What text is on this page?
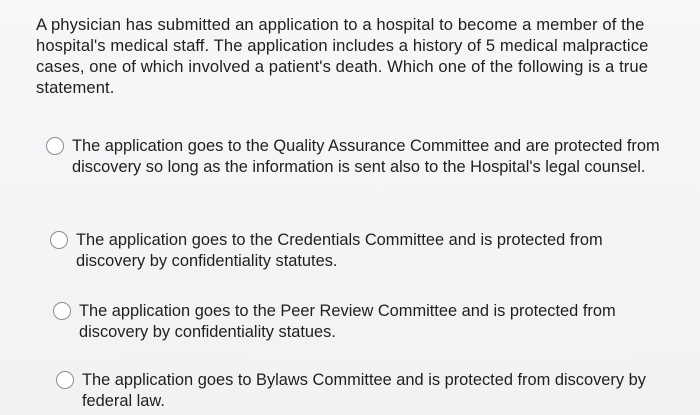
A physician has submitted an application to a hospital to become a member of the hospital's medical staff. The application includes a history of 5 medical malpractice cases, one of which involved a patient's death. Which one of the following is a true statement.
The application goes to the Quality Assurance Committee and are protected from discovery so long as the information is sent also to the Hospital's legal counsel.
The application goes to the Credentials Committee and is protected from discovery by confidentiality statutes.
The application goes to the Peer Review Committee and is protected from discovery by confidentiality statues.
The application goes to Bylaws Committee and is protected from discovery by federal law.
